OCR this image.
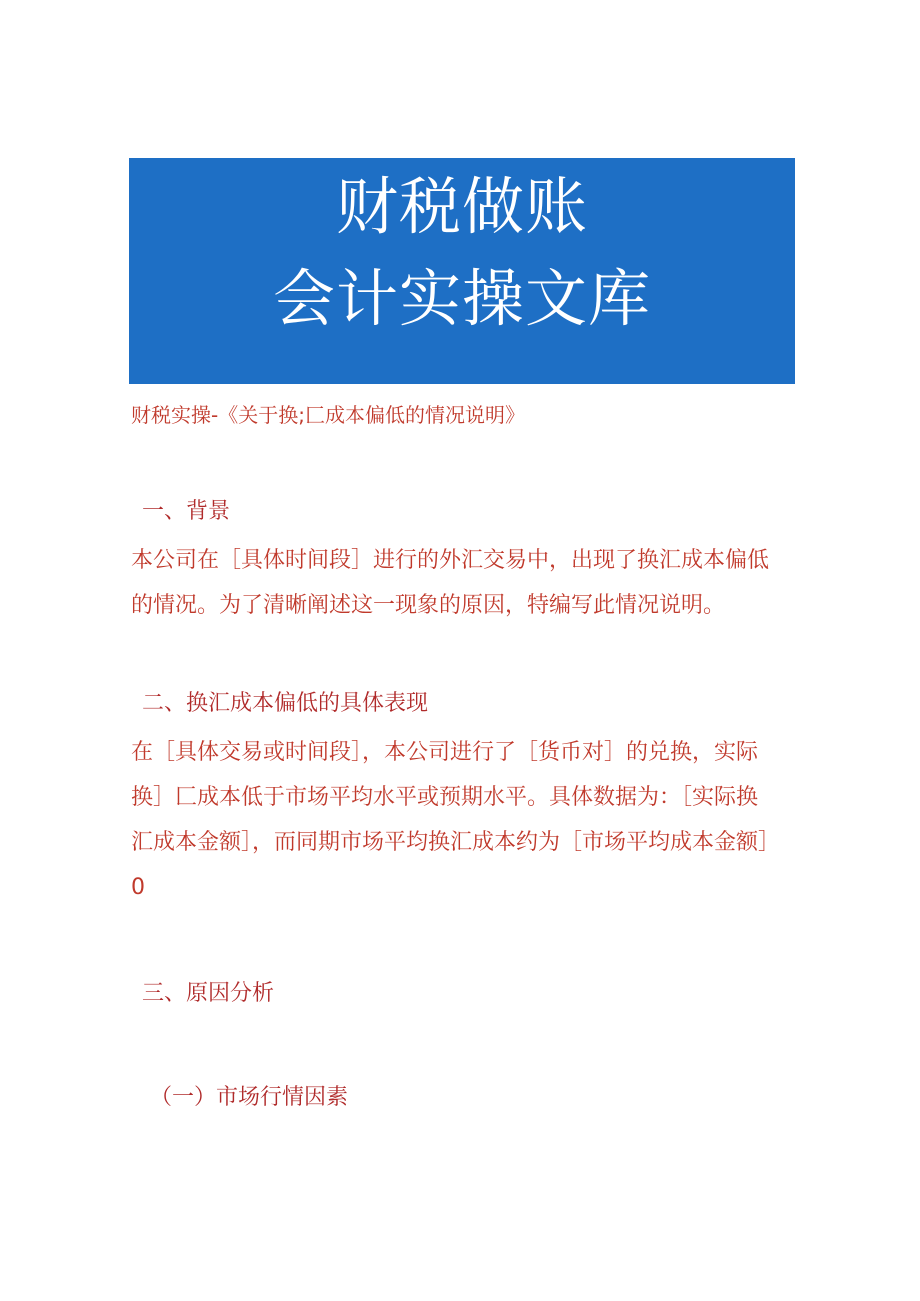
财税做账
会计实操文库
财税实操-《关于换;匚成本偏低的情况说明》
一、背景
本公司在［具体时间段］进行的外汇交易中，出现了换汇成本偏低
的情况。为了清晰阐述这一现象的原因，特编写此情况说明。
二、换汇成本偏低的具体表现
在［具体交易或时间段］，本公司进行了［货币对］的兑换，实际
换］匚成本低于市场平均水平或预期水平。具体数据为：［实际换
汇成本金额］，而同期市场平均换汇成本约为［市场平均成本金额］
0
三、原因分析
（一）市场行情因素
